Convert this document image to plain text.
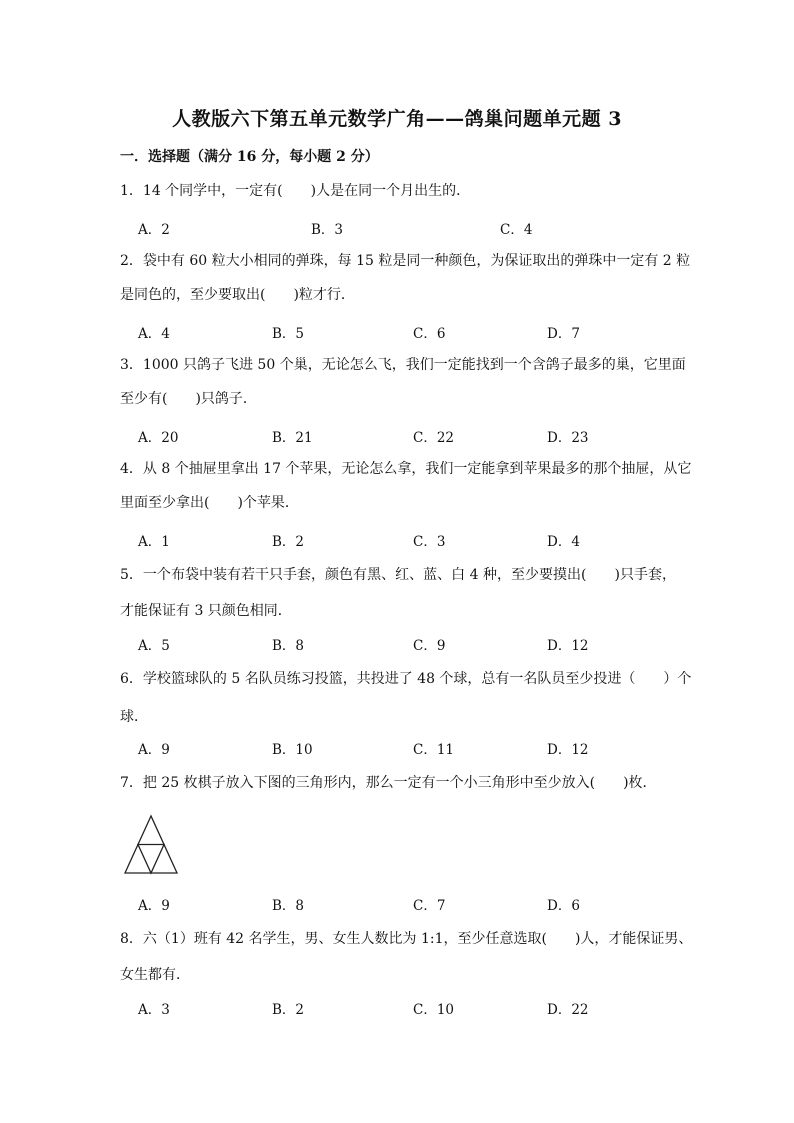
人教版六下第五单元数学广角——鸽巢问题单元题 3
一．选择题（满分 16 分，每小题 2 分）
1．14 个同学中，一定有(　　)人是在同一个月出生的．
A．2	B．3	C．4
2．袋中有 60 粒大小相同的弹珠，每 15 粒是同一种颜色，为保证取出的弹珠中一定有 2 粒
是同色的，至少要取出(　　)粒才行．
A．4	B．5	C．6	D．7
3．1000 只鸽子飞进 50 个巢，无论怎么飞，我们一定能找到一个含鸽子最多的巢，它里面
至少有(　　)只鸽子．
A．20	B．21	C．22	D．23
4．从 8 个抽屉里拿出 17 个苹果，无论怎么拿，我们一定能拿到苹果最多的那个抽屉，从它
里面至少拿出(　　)个苹果．
A．1	B．2	C．3	D．4
5．一个布袋中装有若干只手套，颜色有黑、红、蓝、白 4 种，至少要摸出(　　)只手套，
才能保证有 3 只颜色相同．
A．5	B．8	C．9	D．12
6．学校篮球队的 5 名队员练习投篮，共投进了 48 个球，总有一名队员至少投进（　　）个
球．
A．9	B．10	C．11	D．12
7．把 25 枚棋子放入下图的三角形内，那么一定有一个小三角形中至少放入(　　)枚．
A．9	B．8	C．7	D．6
8．六（1）班有 42 名学生，男、女生人数比为 1:1，至少任意选取(　　)人，才能保证男、
女生都有．
A．3	B．2	C．10	D．22
